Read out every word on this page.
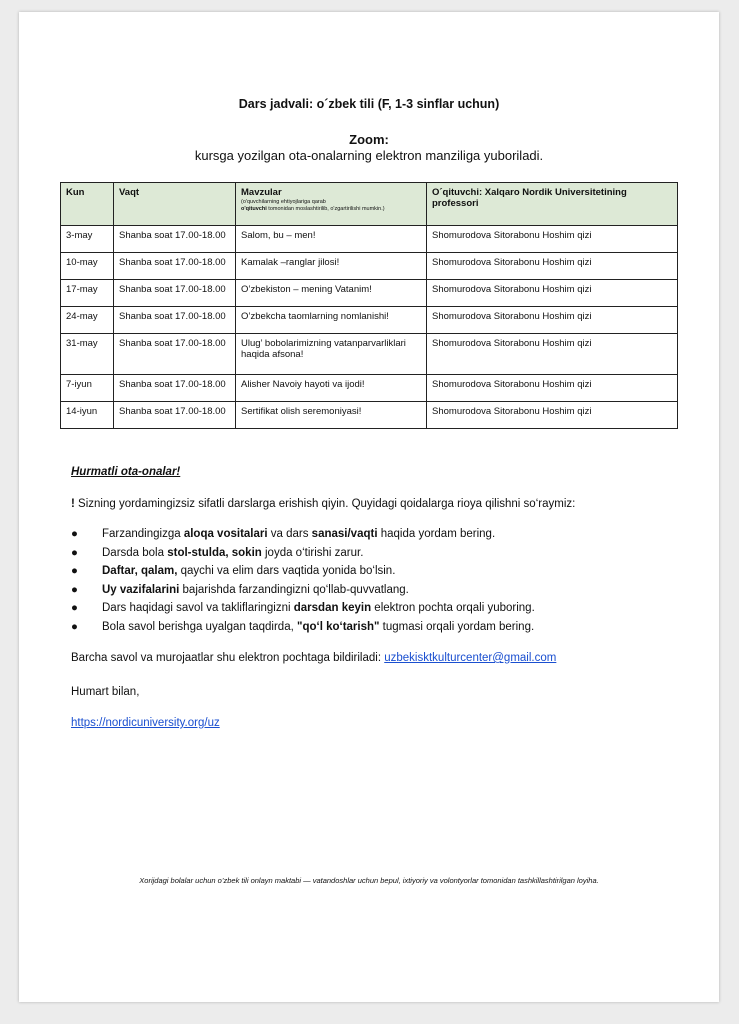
Dars jadvali: o´zbek tili (F, 1-3 sinflar uchun)
Zoom:
kursga yozilgan ota-onalarning elektron manziliga yuboriladi.
Kun	Vaqt	Mavzular
(o'quvchilarning ehtiyojlariga qarab
o'qituvchi tomonidan moslashtirilib, o'zgartirilishi mumkin.)	O´qituvchi: Xalqaro Nordik Universitetining professori
3-may	Shanba soat 17.00-18.00	Salom, bu – men!	Shomurodova Sitorabonu Hoshim qizi
10-may	Shanba soat 17.00-18.00	Kamalak –ranglar jilosi!	Shomurodova Sitorabonu Hoshim qizi
17-may	Shanba soat 17.00-18.00	O’zbekiston – mening Vatanim!	Shomurodova Sitorabonu Hoshim qizi
24-may	Shanba soat 17.00-18.00	O’zbekcha taomlarning nomlanishi!	Shomurodova Sitorabonu Hoshim qizi
31-may	Shanba soat 17.00-18.00	Ulug’ bobolarimizning vatanparvarliklari haqida afsona!	Shomurodova Sitorabonu Hoshim qizi
7-iyun	Shanba soat 17.00-18.00	Alisher Navoiy hayoti va ijodi!	Shomurodova Sitorabonu Hoshim qizi
14-iyun	Shanba soat 17.00-18.00	Sertifikat olish seremoniyasi!	Shomurodova Sitorabonu Hoshim qizi
Hurmatli ota-onalar!
! Sizning yordamingizsiz sifatli darslarga erishish qiyin. Quyidagi qoidalarga rioya qilishni so‘raymiz:
● Farzandingizga aloqa vositalari va dars sanasi/vaqti haqida yordam bering.
● Darsda bola stol-stulda, sokin joyda o‘tirishi zarur.
● Daftar, qalam, qaychi va elim dars vaqtida yonida bo‘lsin.
● Uy vazifalarini bajarishda farzandingizni qo‘llab-quvvatlang.
● Dars haqidagi savol va takliflaringizni darsdan keyin elektron pochta orqali yuboring.
● Bola savol berishga uyalgan taqdirda, "qo‘l ko‘tarish" tugmasi orqali yordam bering.
Barcha savol va murojaatlar shu elektron pochtaga bildiriladi: uzbekisktkulturcenter@gmail.com
Humart bilan,
https://nordicuniversity.org/uz
Xorijdagi bolalar uchun o’zbek tili onlayn maktabi — vatandoshlar uchun bepul, ixtiyoriy va volontyorlar tomonidan tashkillashtirilgan loyiha.
